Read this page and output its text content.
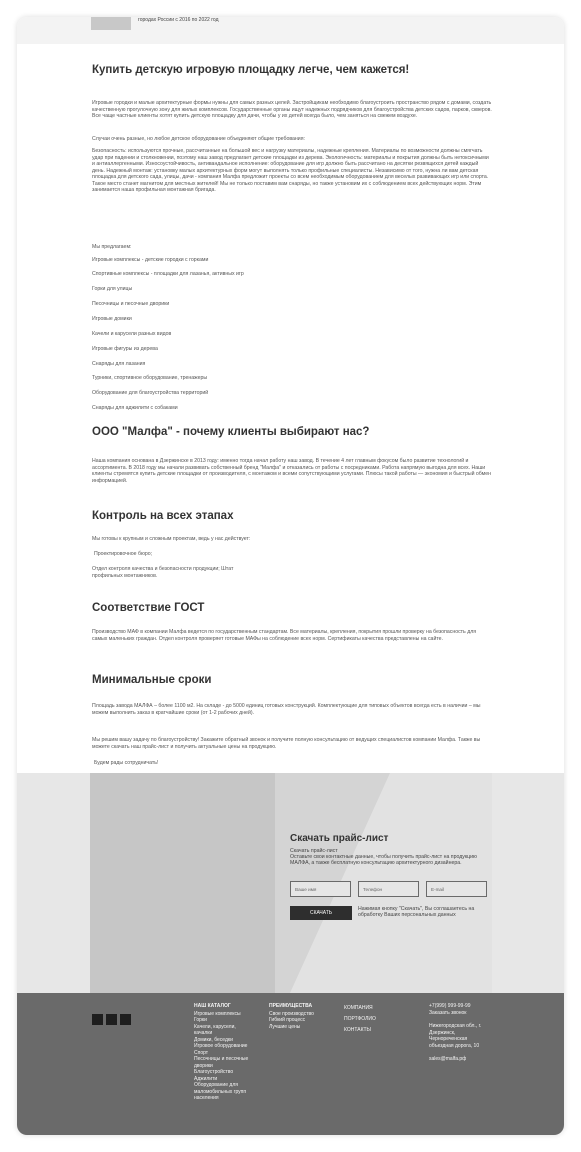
городах России с 2016 по 2022 год
Купить детскую игровую площадку легче, чем кажется!

Игровые городки и малые архитектурные формы нужны для самых разных целей. Застройщикам необходимо благоустроить пространство рядом с домами, создать качественную прогулочную зону для жилых комплексов. Государственные органы ищут надежных подрядчиков для благоустройства детских садов, парков, скверов. Все чаще частные клиенты хотят купить детскую площадку для дачи, чтобы у их детей всегда было, чем заняться на свежем воздухе.

Случаи очень разные, но любое детское оборудование объединяют общие требования:

Безопасность: используются прочные, рассчитанные на большой вес и нагрузку материалы, надежные крепления. Материалы по возможности должны смягчать удар при падении и столкновении, поэтому наш завод предлагает детские площадки из дерева. Экологичность: материалы и покрытия должны быть нетоксичными и антиаллергенными. Износоустойчивость, антивандальное исполнение: оборудование для игр должно быть рассчитано на десятки резвящихся детей каждый день. Надежный монтаж: установку малых архитектурных форм могут выполнять только профильные специалисты. Независимо от того, нужна ли вам детская площадка для детского сада, улицы, дачи - компания Малфа предложит проекты со всем необходимым оборудованием для веселых развивающих игр или спорта. Такое место станет магнитом для местных жителей! Мы не только поставим вам снаряды, но также установим их с соблюдением всех действующих норм. Этим занимается наша профильная монтажная бригада.

Мы предлагаем:

Игровые комплексы - детские городки с горками
Спортивные комплексы - площадки для лазанья, активных игр
Горки для улицы
Песочницы и песочные дворики
Игровые домики
Качели и карусели разных видов
Игровые фигуры из дерева
Снаряды для лазания
Турники, спортивное оборудование, тренажеры
Оборудование для благоустройства территорий
Снаряды для аджилити с собаками
ООО "Малфа" - почему клиенты выбирают нас?

Наша компания основана в Дзержинске в 2013 году: именно тогда начал работу наш завод. В течение 4 лет главным фокусом было развитие технологий и ассортимента. В 2018 году мы начали развивать собственный бренд "Малфа" и отказались от работы с посредниками. Работа напрямую выгодна для всех. Наши клиенты стремятся купить детские площадки от производителя, с монтажом и всеми сопутствующими услугами. Плюсы такой работы — экономия и быстрый обмен информацией.

Контроль на всех этапах

Мы готовы к крупным и сложным проектам, ведь у нас действует:

Проектировочное бюро;

Отдел контроля качества и безопасности продукции; Штат профильных монтажников.

Соответствие ГОСТ

Производство МАФ в компании Малфа ведется по государственным стандартам. Все материалы, крепления, покрытия прошли проверку на безопасность для самых маленьких граждан. Отдел контроля проверяет готовые МАФы на соблюдение всех норм. Сертификаты качества представлены на сайте.

Минимальные сроки

Площадь завода МАЛФА – более 1100 м2. На складе - до 5000 единиц готовых конструкций. Комплектующие для типовых объектов всегда есть в наличии – мы можем выполнить заказ в кратчайшие сроки (от 1-2 рабочих дней).

Мы решим вашу задачу по благоустройству! Закажите обратный звонок и получите полную консультацию от ведущих специалистов компании Малфа. Также вы можете скачать наш прайс-лист и получить актуальные цены на продукцию.

Будем рады сотрудничать!

Скачать прайс-лист
Скачать прайс-лист
Оставьте свои контактные данные, чтобы получить прайс-лист на продукцию МАЛФА, а также бесплатную консультацию архитектурного дизайнера.
Ваше имя
Телефон
E-mail
СКАЧАТЬ
Нажимая кнопку "Скачать", Вы соглашаетесь на обработку Ваших персональных данных
НАШ КАТАЛОГ
Игровые комплексы
Горки
Качели, карусели,
качалки
Домики, беседки
Игровое оборудование
Спорт
Песочницы и песочные
дворики
Благоустройство
Аджилити
Оборудование для
маломобильных групп
населения
ПРЕИМУЩЕСТВА
Свое производство
Гибкий процесс
Лучшие цены
КОМПАНИЯ
ПОРТФОЛИО
КОНТАКТЫ
+7(999) 999-99-99
Заказать звонок
Нижегородская обл., г.
Дзержинск,
Чернореченская
объездная дорога, 10
sales@malfa.рф
